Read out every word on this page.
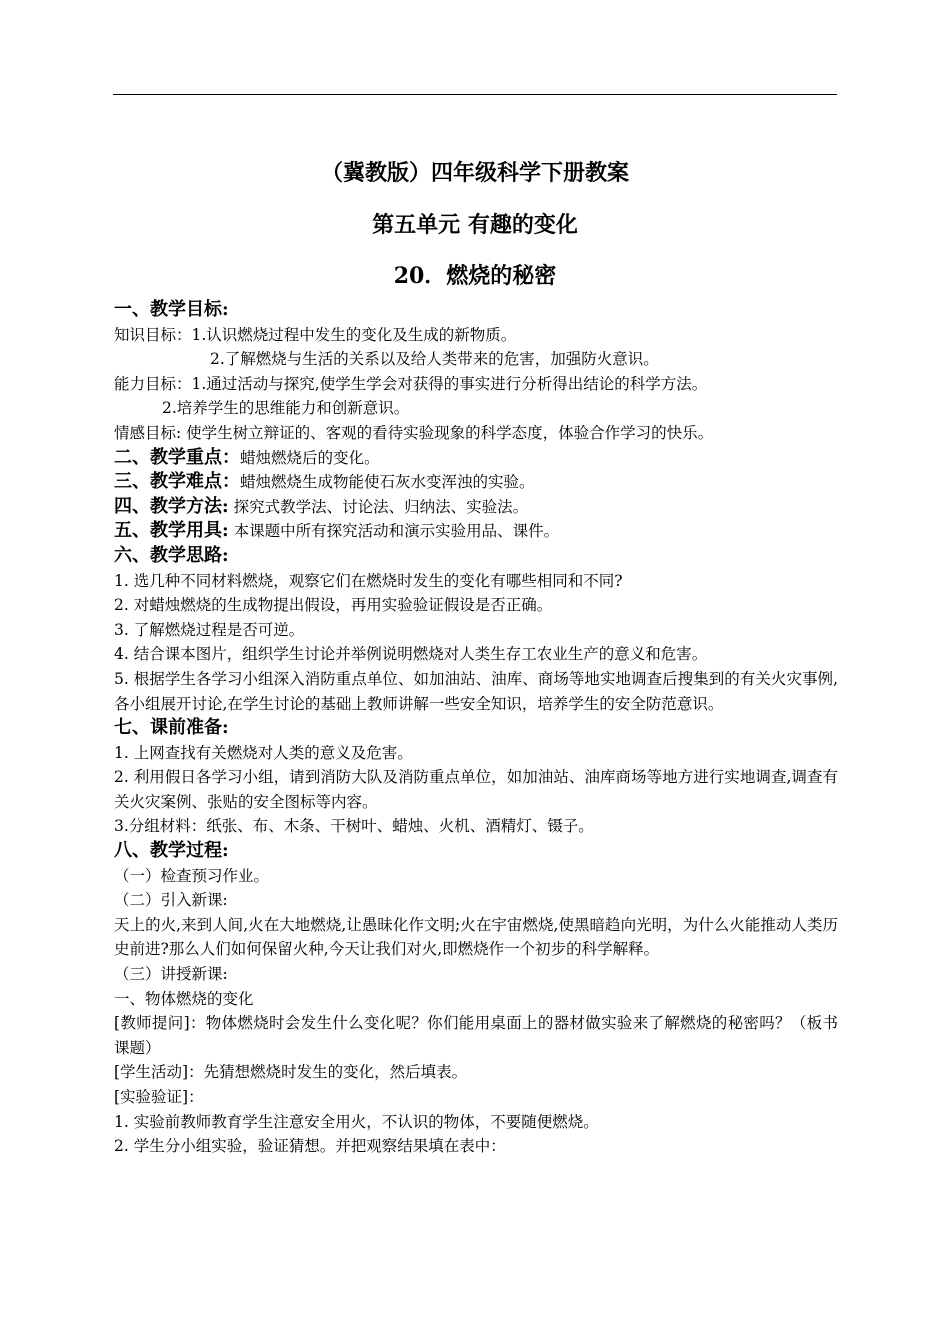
（冀教版）四年级科学下册教案
第五单元 有趣的变化
20．燃烧的秘密

一、教学目标:

知识目标：1.认识燃烧过程中发生的变化及生成的新物质。

2.了解燃烧与生活的关系以及给人类带来的危害，加强防火意识。

能力目标：1.通过活动与探究,使学生学会对获得的事实进行分析得出结论的科学方法。

2.培养学生的思维能力和创新意识。

情感目标: 使学生树立辩证的、客观的看待实验现象的科学态度，体验合作学习的快乐。

二、教学重点：蜡烛燃烧后的变化。

三、教学难点：蜡烛燃烧生成物能使石灰水变浑浊的实验。

四、教学方法: 探究式教学法、讨论法、归纳法、实验法。

五、教学用具: 本课题中所有探究活动和演示实验用品、课件。

六、教学思路:

1. 选几种不同材料燃烧，观察它们在燃烧时发生的变化有哪些相同和不同?

2. 对蜡烛燃烧的生成物提出假设，再用实验验证假设是否正确。

3. 了解燃烧过程是否可逆。

4. 结合课本图片，组织学生讨论并举例说明燃烧对人类生存工农业生产的意义和危害。

5. 根据学生各学习小组深入消防重点单位、如加油站、油库、商场等地实地调查后搜集到的有关火灾事例,各小组展开讨论,在学生讨论的基础上教师讲解一些安全知识，培养学生的安全防范意识。

七、课前准备:

1. 上网查找有关燃烧对人类的意义及危害。

2. 利用假日各学习小组，请到消防大队及消防重点单位，如加油站、油库商场等地方进行实地调查,调查有关火灾案例、张贴的安全图标等内容。

3.分组材料：纸张、布、木条、干树叶、蜡烛、火机、酒精灯、镊子。

八、教学过程:

（一）检查预习作业。

（二）引入新课:

天上的火,来到人间,火在大地燃烧,让愚昧化作文明;火在宇宙燃烧,使黑暗趋向光明，为什么火能推动人类历史前进?那么人们如何保留火种,今天让我们对火,即燃烧作一个初步的科学解释。

（三）讲授新课:

一、物体燃烧的变化

[教师提问]：物体燃烧时会发生什么变化呢？你们能用桌面上的器材做实验来了解燃烧的秘密吗？（板书课题）

[学生活动]：先猜想燃烧时发生的变化，然后填表。

[实验验证]：

1. 实验前教师教育学生注意安全用火，不认识的物体，不要随便燃烧。

2. 学生分小组实验，验证猜想。并把观察结果填在表中：
